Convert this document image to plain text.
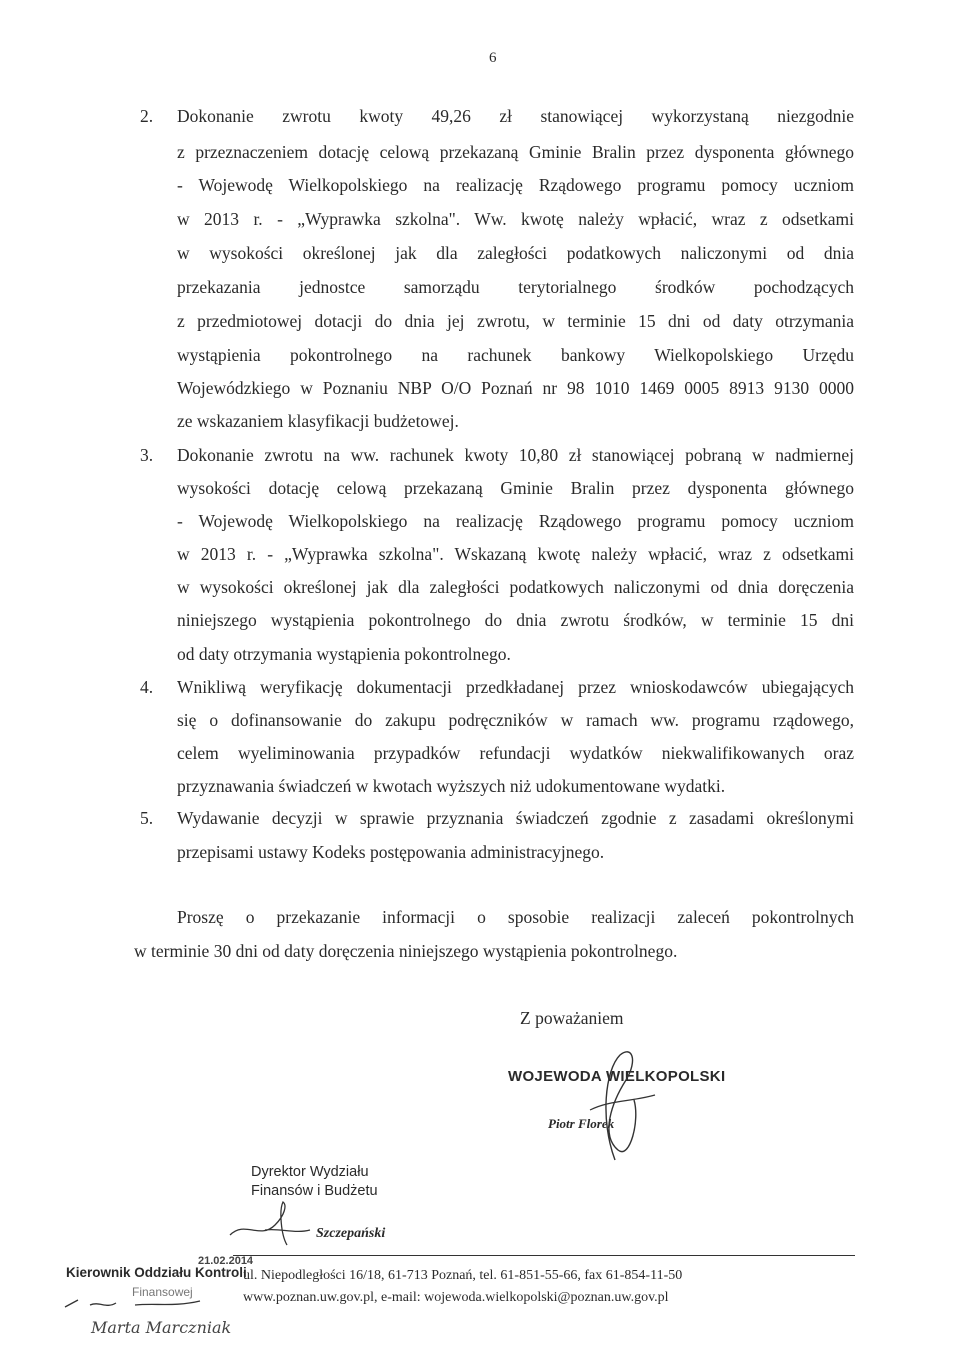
6
2. Dokonanie zwrotu kwoty 49,26 zł stanowiącej wykorzystaną niezgodnie
z przeznaczeniem dotację celową przekazaną Gminie Bralin przez dysponenta głównego
- Wojewodę Wielkopolskiego na realizację Rządowego programu pomocy uczniom
w 2013 r. - „Wyprawka szkolna". Ww. kwotę należy wpłacić, wraz z odsetkami
w wysokości określonej jak dla zaległości podatkowych naliczonymi od dnia
przekazania jednostce samorządu terytorialnego środków pochodzących
z przedmiotowej dotacji do dnia jej zwrotu, w terminie 15 dni od daty otrzymania
wystąpienia pokontrolnego na rachunek bankowy Wielkopolskiego Urzędu
Wojewódzkiego w Poznaniu NBP O/O Poznań nr 98 1010 1469 0005 8913 9130 0000
ze wskazaniem klasyfikacji budżetowej.
3. Dokonanie zwrotu na ww. rachunek kwoty 10,80 zł stanowiącej pobraną w nadmiernej
wysokości dotację celową przekazaną Gminie Bralin przez dysponenta głównego
- Wojewodę Wielkopolskiego na realizację Rządowego programu pomocy uczniom
w 2013 r. - „Wyprawka szkolna". Wskazaną kwotę należy wpłacić, wraz z odsetkami
w wysokości określonej jak dla zaległości podatkowych naliczonymi od dnia doręczenia
niniejszego wystąpienia pokontrolnego do dnia zwrotu środków, w terminie 15 dni
od daty otrzymania wystąpienia pokontrolnego.
4. Wnikliwą weryfikację dokumentacji przedkładanej przez wnioskodawców ubiegających
się o dofinansowanie do zakupu podręczników w ramach ww. programu rządowego,
celem wyeliminowania przypadków refundacji wydatków niekwalifikowanych oraz
przyznawania świadczeń w kwotach wyższych niż udokumentowane wydatki.
5. Wydawanie decyzji w sprawie przyznania świadczeń zgodnie z zasadami określonymi
przepisami ustawy Kodeks postępowania administracyjnego.
Proszę o przekazanie informacji o sposobie realizacji zaleceń pokontrolnych
w terminie 30 dni od daty doręczenia niniejszego wystąpienia pokontrolnego.
Z poważaniem
WOJEWODA WIELKOPOLSKI
Piotr Florek
Dyrektor Wydziału
Finansów i Budżetu
Szczepański
ul. Niepodległości 16/18, 61-713 Poznań, tel. 61-851-55-66, fax 61-854-11-50
www.poznan.uw.gov.pl, e-mail: wojewoda.wielkopolski@poznan.uw.gov.pl
Kierownik Oddziału Kontroli
Finansowej
21.02.2014
Marta Marczniak
